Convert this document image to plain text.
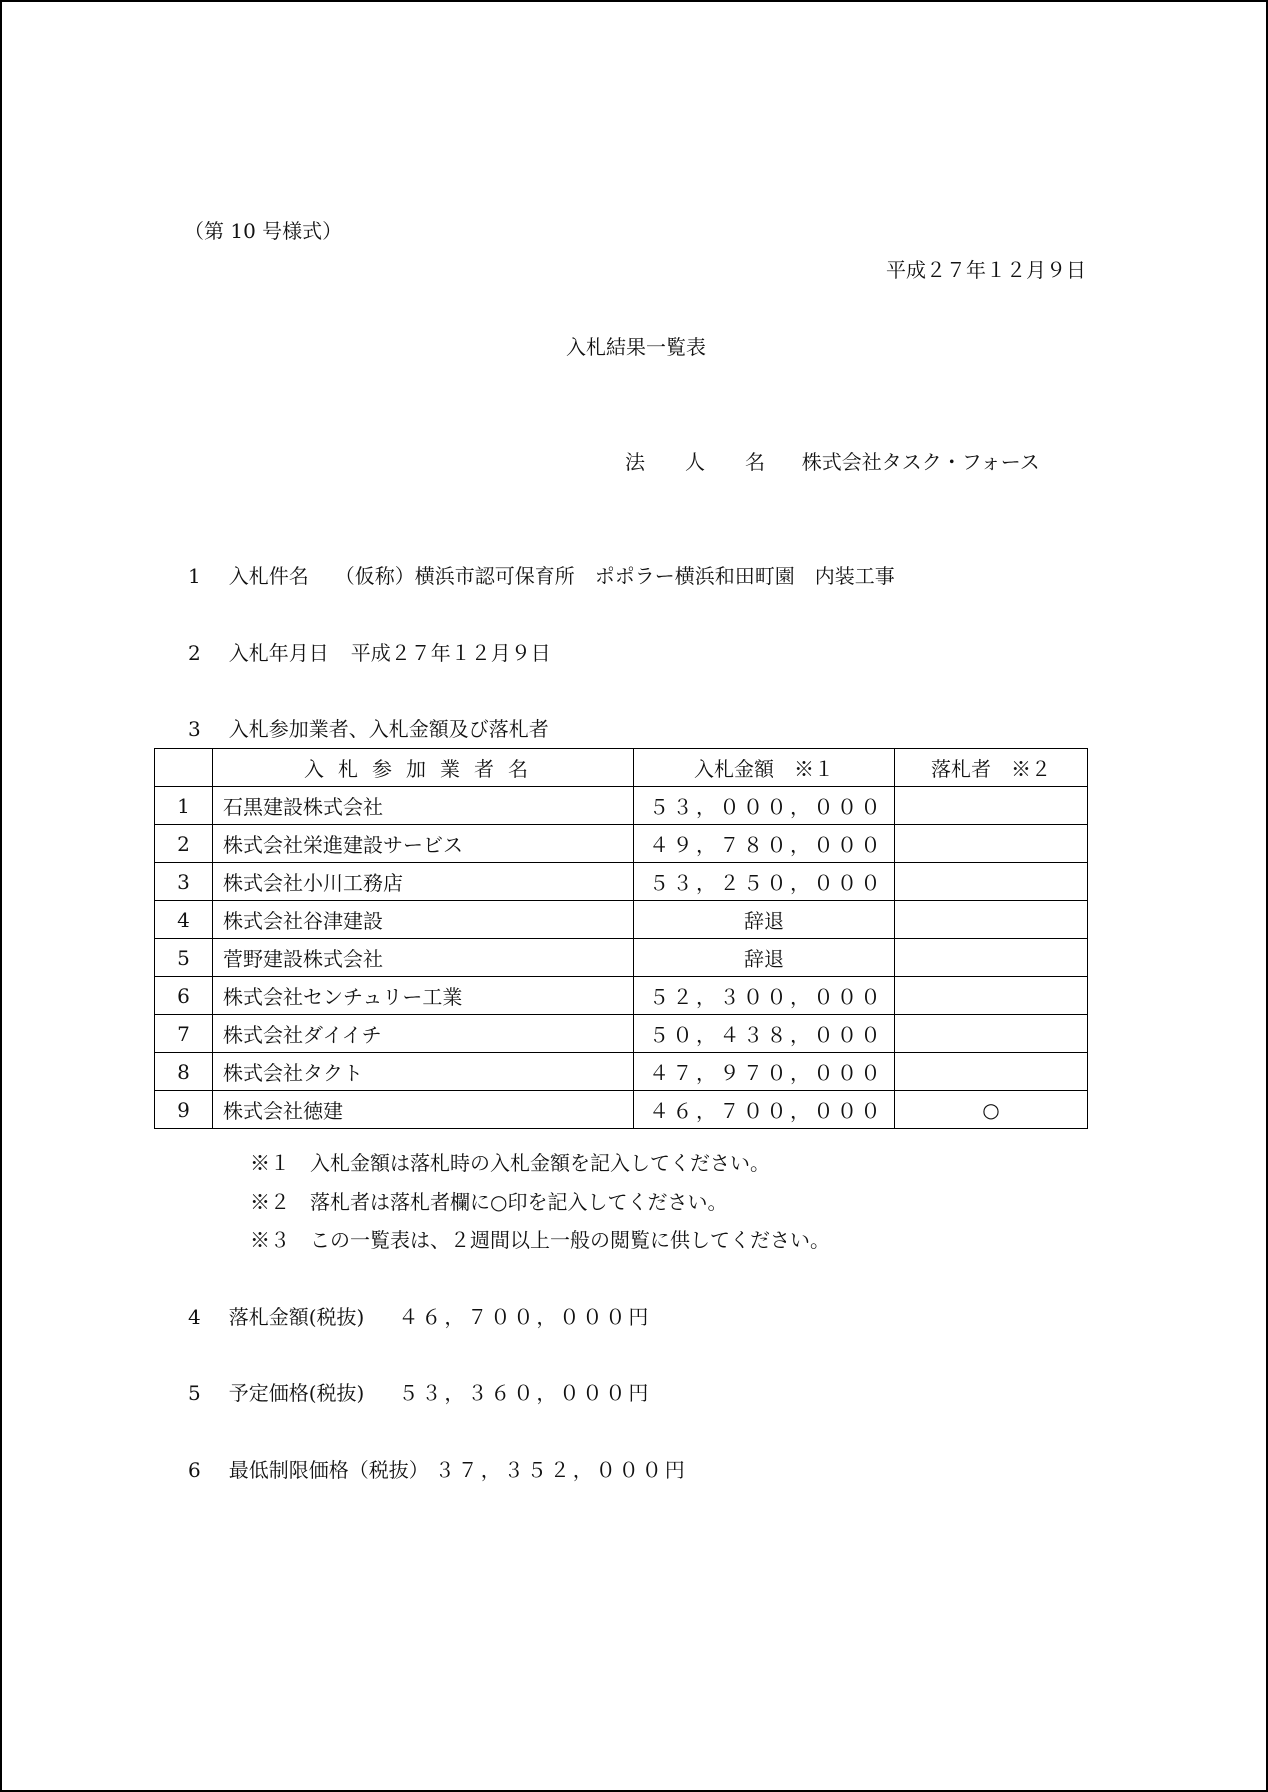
（第 10 号様式）
平成２７年１２月９日
入札結果一覧表
法　　人　　名 株式会社タスク・フォース
1 入札件名 （仮称）横浜市認可保育所　ポポラー横浜和田町園　内装工事
2 入札年月日 平成２７年１２月９日
3 入札参加業者、入札金額及び落札者
	入札参加業者名	入札金額　※１	落札者　※２
1	石黒建設株式会社	５３，０００，０００	
2	株式会社栄進建設サービス	４９，７８０，０００	
3	株式会社小川工務店	５３，２５０，０００	
4	株式会社谷津建設	辞退	
5	菅野建設株式会社	辞退	
6	株式会社センチュリー工業	５２，３００，０００	
7	株式会社ダイイチ	５０，４３８，０００	
8	株式会社タクト	４７，９７０，０００	
9	株式会社徳建	４６，７００，０００	○
※１　入札金額は落札時の入札金額を記入してください。
※２　落札者は落札者欄に○印を記入してください。
※３　この一覧表は、２週間以上一般の閲覧に供してください。
4 落札金額(税抜) ４６，７００，０００円
5 予定価格(税抜) ５３，３６０，０００円
6 最低制限価格（税抜） ３７，３５２，０００円
